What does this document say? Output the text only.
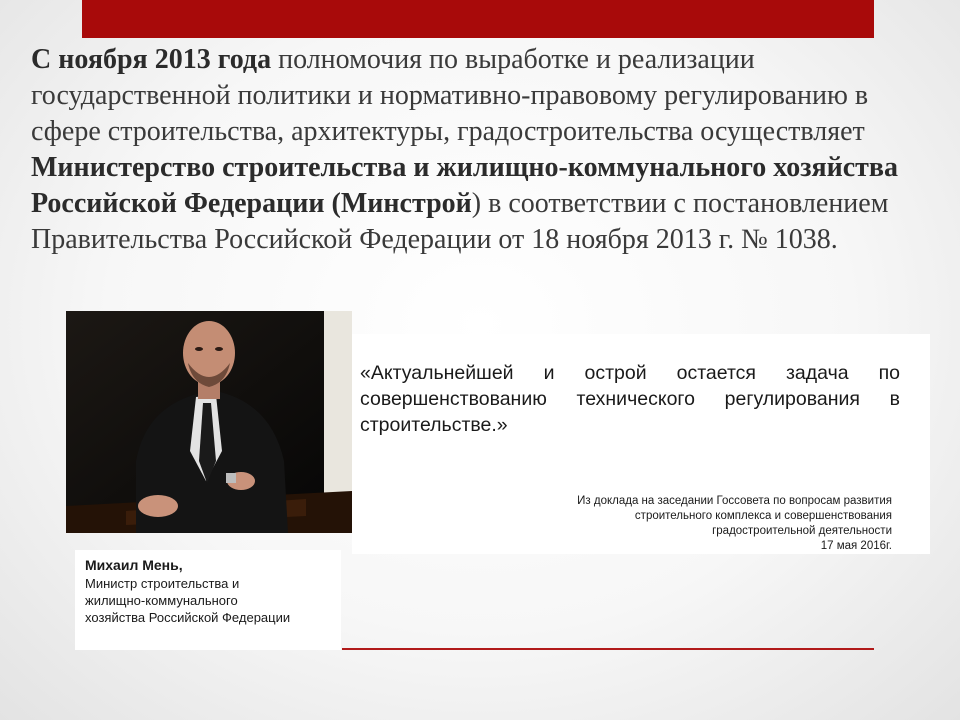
С ноября 2013 года полномочия по выработке и реализации государственной политики и нормативно-правовому регулированию в сфере строительства, архитектуры, градостроительства осуществляет Министерство строительства и жилищно-коммунального хозяйства Российской Федерации (Минстрой) в соответствии с постановлением Правительства Российской Федерации от 18 ноября 2013 г. № 1038.

«Актуальнейшей и острой остается задача по совершенствованию технического регулирования в строительстве.»

Из доклада на заседании Госсовета по вопросам развития
строительного комплекса и совершенствования
градостроительной деятельности
17 мая 2016г.

Михаил Мень,

Министр строительства и

жилищно-коммунального

хозяйства Российской Федерации
